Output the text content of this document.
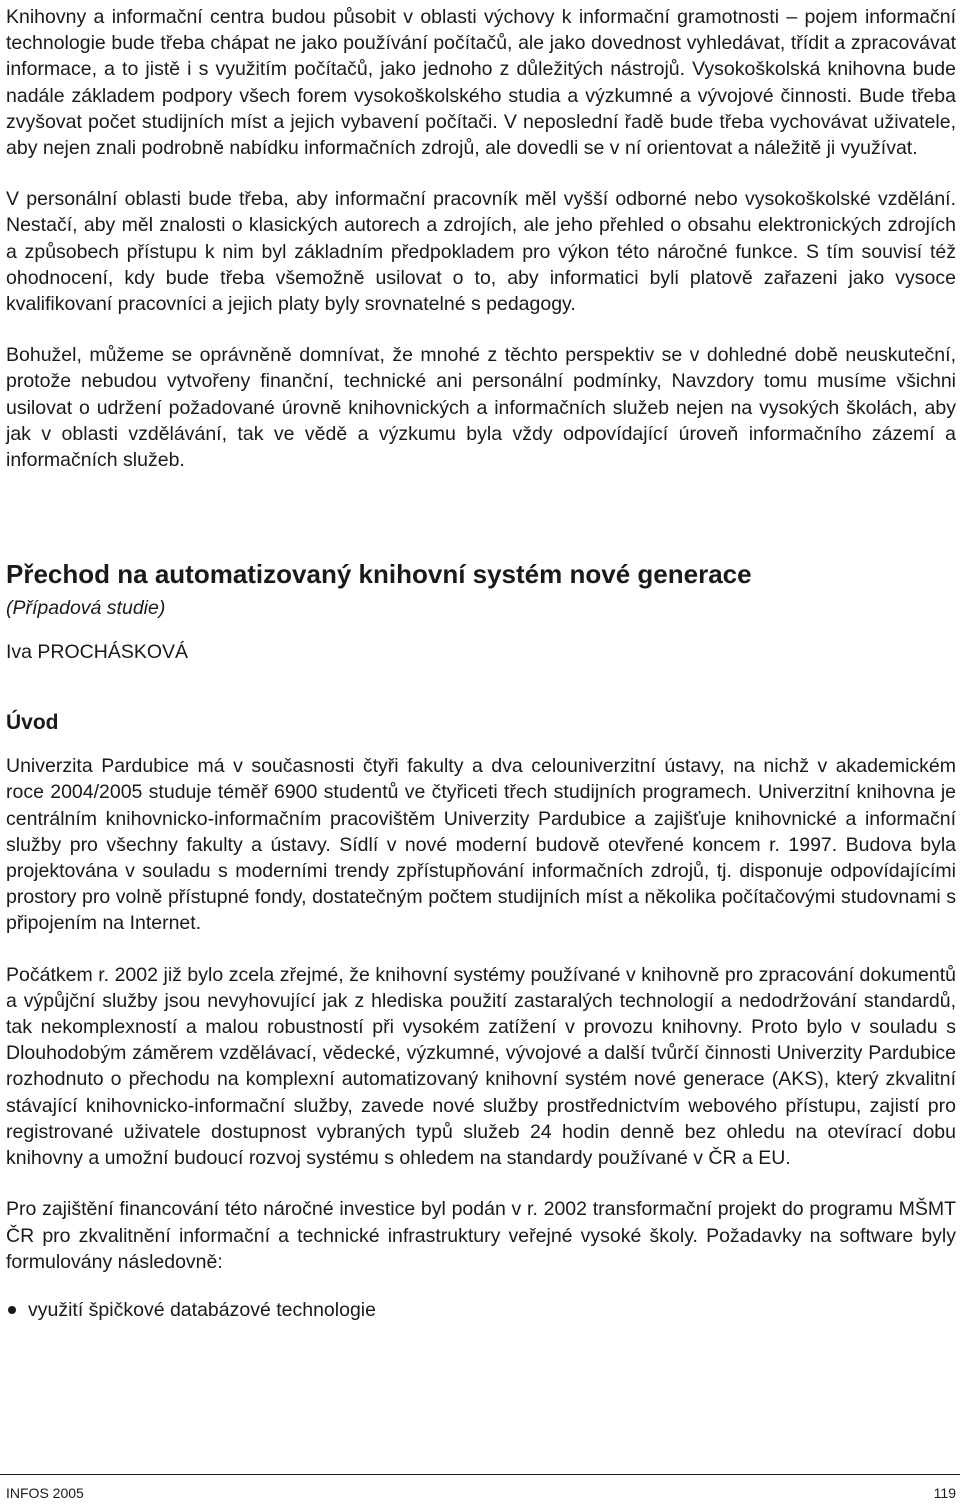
Knihovny a informační centra budou působit v oblasti výchovy k informační gramotnosti – pojem informační technologie bude třeba chápat ne jako používání počítačů, ale jako dovednost vyhledávat, třídit a zpracovávat informace, a to jistě i s využitím počítačů, jako jednoho z důležitých nástrojů. Vysokoškolská knihovna bude nadále základem podpory všech forem vysokoškolského studia a výzkumné a vývojové činnosti. Bude třeba zvyšovat počet studijních míst a jejich vybavení počítači. V neposlední řadě bude třeba vychovávat uživatele, aby nejen znali podrobně nabídku informačních zdrojů, ale dovedli se v ní orientovat a náležitě ji využívat.

V personální oblasti bude třeba, aby informační pracovník měl vyšší odborné nebo vysokoškolské vzdělání. Nestačí, aby měl znalosti o klasických autorech a zdrojích, ale jeho přehled o obsahu elektronických zdrojích a způsobech přístupu k nim byl základním předpokladem pro výkon této náročné funkce. S tím souvisí též ohodnocení, kdy bude třeba všemožně usilovat o to, aby informatici byli platově zařazeni jako vysoce kvalifikovaní pracovníci a jejich platy byly srovnatelné s pedagogy.

Bohužel, můžeme se oprávněně domnívat, že mnohé z těchto perspektiv se v dohledné době neuskuteční, protože nebudou vytvořeny finanční, technické ani personální podmínky, Navzdory tomu musíme všichni usilovat o udržení požadované úrovně knihovnických a informačních služeb nejen na vysokých školách, aby jak v oblasti vzdělávání, tak ve vědě a výzkumu byla vždy odpovídající úroveň informačního zázemí a informačních služeb.

Přechod na automatizovaný knihovní systém nové generace
(Případová studie)
Iva PROCHÁSKOVÁ
Úvod

Univerzita Pardubice má v současnosti čtyři fakulty a dva celouniverzitní ústavy, na nichž v akademickém roce 2004/2005 studuje téměř 6900 studentů ve čtyřiceti třech studijních programech. Univerzitní knihovna je centrálním knihovnicko-informačním pracovištěm Univerzity Pardubice a zajišťuje knihovnické a informační služby pro všechny fakulty a ústavy. Sídlí v nové moderní budově otevřené koncem r. 1997. Budova byla projektována v souladu s moderními trendy zpřístupňování informačních zdrojů, tj. disponuje odpovídajícími prostory pro volně přístupné fondy, dostatečným počtem studijních míst a několika počítačovými studovnami s připojením na Internet.

Počátkem r. 2002 již bylo zcela zřejmé, že knihovní systémy používané v knihovně pro zpracování dokumentů a výpůjční služby jsou nevyhovující jak z hlediska použití zastaralých technologií a nedodržování standardů, tak nekomplexností a malou robustností při vysokém zatížení v provozu knihovny. Proto bylo v souladu s Dlouhodobým záměrem vzdělávací, vědecké, výzkumné, vývojové a další tvůrčí činnosti Univerzity Pardubice rozhodnuto o přechodu na komplexní automatizovaný knihovní systém nové generace (AKS), který zkvalitní stávající knihovnicko-informační služby, zavede nové služby prostřednictvím webového přístupu, zajistí pro registrované uživatele dostupnost vybraných typů služeb 24 hodin denně bez ohledu na otevírací dobu knihovny a umožní budoucí rozvoj systému s ohledem na standardy používané v ČR a EU.

Pro zajištění financování této náročné investice byl podán v r. 2002 transformační projekt do programu MŠMT ČR pro zkvalitnění informační a technické infrastruktury veřejné vysoké školy. Požadavky na software byly formulovány následovně:

využití špičkové databázové technologie
INFOS 2005	119
